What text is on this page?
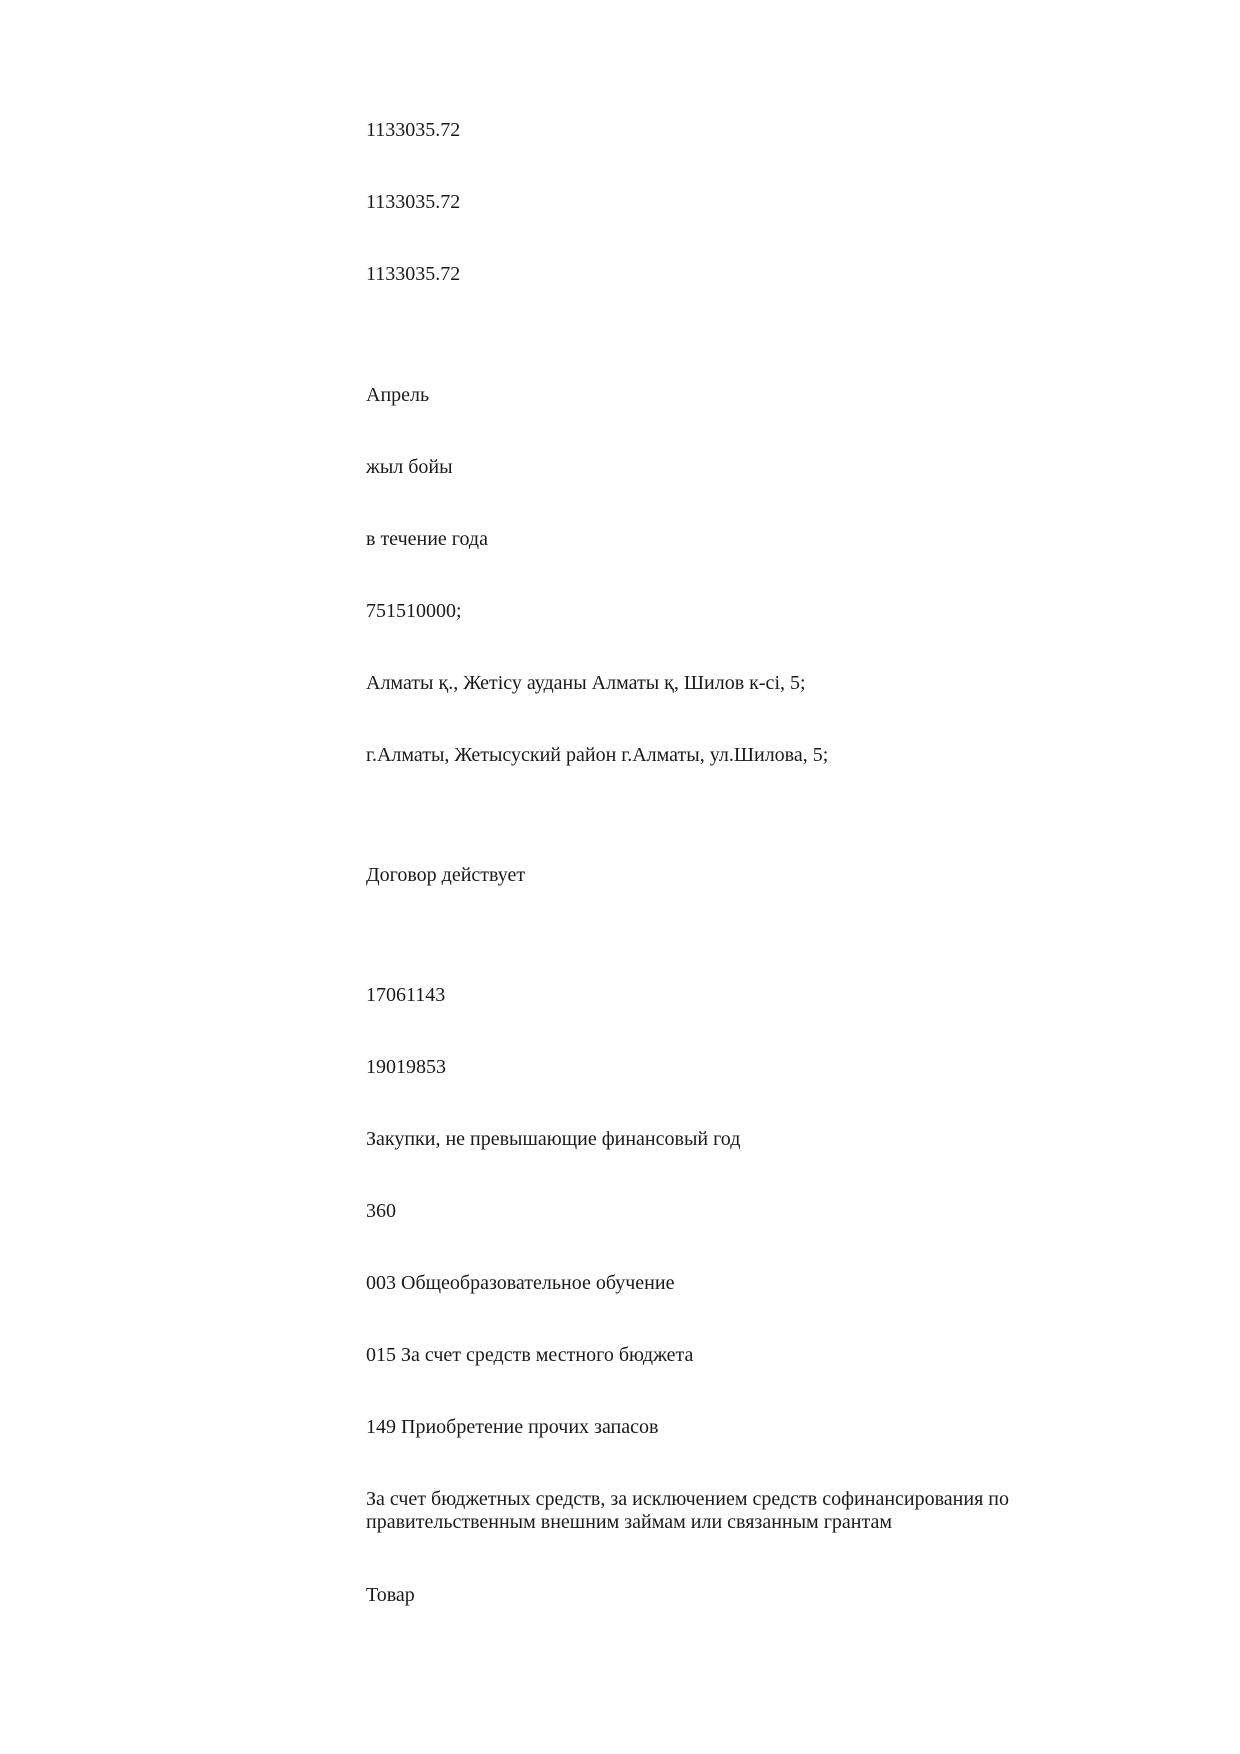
1133035.72
1133035.72
1133035.72
Апрель
жыл бойы
в течение года
751510000;
Алматы қ., Жетісу ауданы Алматы қ, Шилов к-сі, 5;
г.Алматы, Жетысуский район г.Алматы, ул.Шилова, 5;
Договор действует
17061143
19019853
Закупки, не превышающие финансовый год
360
003 Общеобразовательное обучение
015 За счет средств местного бюджета
149 Приобретение прочих запасов
За счет бюджетных средств, за исключением средств софинансирования по правительственным внешним займам или связанным грантам
Товар
